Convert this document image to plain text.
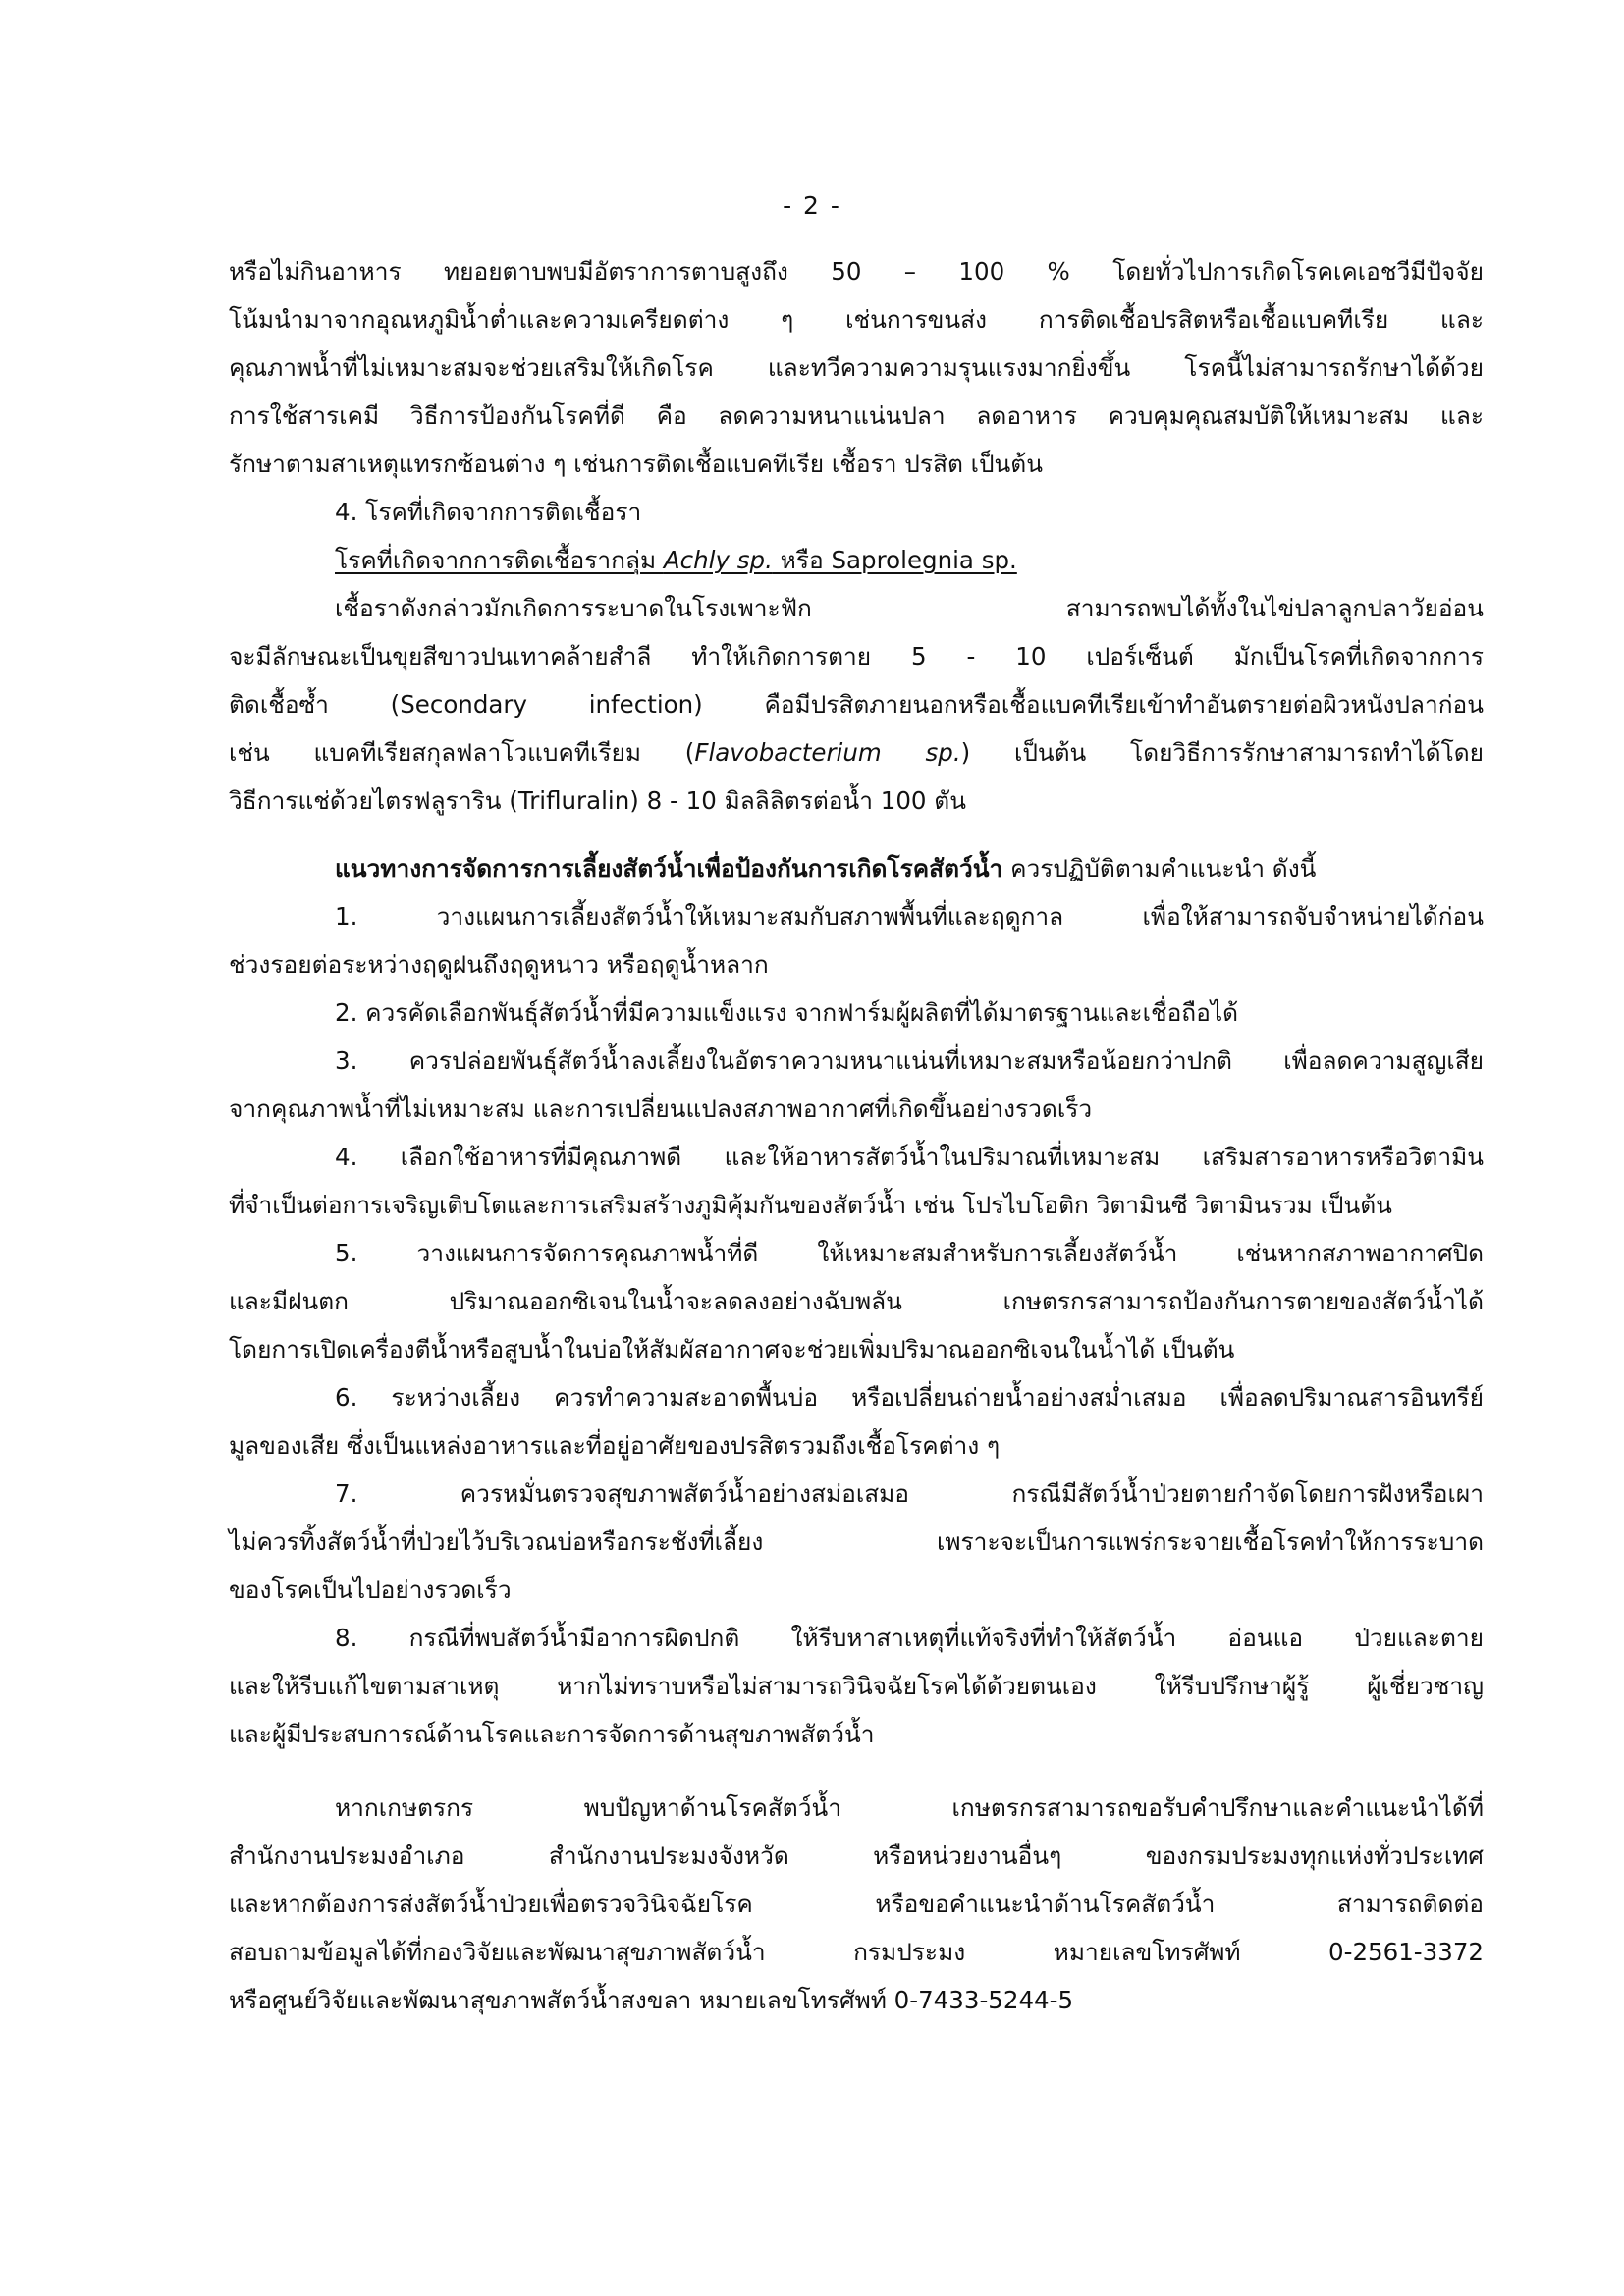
- 2 -
หรือไม่กินอาหาร ทยอยตาบพบมีอัตราการตาบสูงถึง 50 – 100 % โดยทั่วไปการเกิดโรคเคเอชวีมีปัจจัย
โน้มนำมาจากอุณหภูมิน้ำต่ำและความเครียดต่าง ๆ เช่นการขนส่ง การติดเชื้อปรสิตหรือเชื้อแบคทีเรีย และ
คุณภาพน้ำที่ไม่เหมาะสมจะช่วยเสริมให้เกิดโรค และทวีความความรุนแรงมากยิ่งขึ้น โรคนี้ไม่สามารถรักษาได้ด้วย
การใช้สารเคมี วิธีการป้องกันโรคที่ดี คือ ลดความหนาแน่นปลา ลดอาหาร ควบคุมคุณสมบัติให้เหมาะสม และ
รักษาตามสาเหตุแทรกซ้อนต่าง ๆ เช่นการติดเชื้อแบคทีเรีย เชื้อรา ปรสิต เป็นต้น
4. โรคที่เกิดจากการติดเชื้อรา
โรคที่เกิดจากการติดเชื้อรากลุ่ม Achly sp. หรือ Saprolegnia sp.
เชื้อราดังกล่าวมักเกิดการระบาดในโรงเพาะฟัก สามารถพบได้ทั้งในไข่ปลาลูกปลาวัยอ่อน
จะมีลักษณะเป็นขุยสีขาวปนเทาคล้ายสำลี ทำให้เกิดการตาย 5 - 10 เปอร์เซ็นต์ มักเป็นโรคที่เกิดจากการ
ติดเชื้อซ้ำ (Secondary infection) คือมีปรสิตภายนอกหรือเชื้อแบคทีเรียเข้าทำอันตรายต่อผิวหนังปลาก่อน
เช่น แบคทีเรียสกุลฟลาโวแบคทีเรียม (Flavobacterium sp.) เป็นต้น โดยวิธีการรักษาสามารถทำได้โดย
วิธีการแช่ด้วยไตรฟลูราริน (Trifluralin) 8 - 10 มิลลิลิตรต่อน้ำ 100 ตัน
แนวทางการจัดการการเลี้ยงสัตว์น้ำเพื่อป้องกันการเกิดโรคสัตว์น้ำ ควรปฏิบัติตามคำแนะนำ ดังนี้
1. วางแผนการเลี้ยงสัตว์น้ำให้เหมาะสมกับสภาพพื้นที่และฤดูกาล เพื่อให้สามารถจับจำหน่ายได้ก่อน
ช่วงรอยต่อระหว่างฤดูฝนถึงฤดูหนาว หรือฤดูน้ำหลาก
2. ควรคัดเลือกพันธุ์สัตว์น้ำที่มีความแข็งแรง จากฟาร์มผู้ผลิตที่ได้มาตรฐานและเชื่อถือได้
3. ควรปล่อยพันธุ์สัตว์น้ำลงเลี้ยงในอัตราความหนาแน่นที่เหมาะสมหรือน้อยกว่าปกติ เพื่อลดความสูญเสีย
จากคุณภาพน้ำที่ไม่เหมาะสม และการเปลี่ยนแปลงสภาพอากาศที่เกิดขึ้นอย่างรวดเร็ว
4. เลือกใช้อาหารที่มีคุณภาพดี และให้อาหารสัตว์น้ำในปริมาณที่เหมาะสม เสริมสารอาหารหรือวิตามิน
ที่จำเป็นต่อการเจริญเติบโตและการเสริมสร้างภูมิคุ้มกันของสัตว์น้ำ เช่น โปรไบโอติก วิตามินซี วิตามินรวม เป็นต้น
5. วางแผนการจัดการคุณภาพน้ำที่ดี ให้เหมาะสมสำหรับการเลี้ยงสัตว์น้ำ เช่นหากสภาพอากาศปิด
และมีฝนตก ปริมาณออกซิเจนในน้ำจะลดลงอย่างฉับพลัน เกษตรกรสามารถป้องกันการตายของสัตว์น้ำได้
โดยการเปิดเครื่องตีน้ำหรือสูบน้ำในบ่อให้สัมผัสอากาศจะช่วยเพิ่มปริมาณออกซิเจนในน้ำได้ เป็นต้น
6. ระหว่างเลี้ยง ควรทำความสะอาดพื้นบ่อ หรือเปลี่ยนถ่ายน้ำอย่างสม่ำเสมอ เพื่อลดปริมาณสารอินทรีย์
มูลของเสีย ซึ่งเป็นแหล่งอาหารและที่อยู่อาศัยของปรสิตรวมถึงเชื้อโรคต่าง ๆ
7. ควรหมั่นตรวจสุขภาพสัตว์น้ำอย่างสม่อเสมอ กรณีมีสัตว์น้ำป่วยตายกำจัดโดยการฝังหรือเผา
ไม่ควรทิ้งสัตว์น้ำที่ป่วยไว้บริเวณบ่อหรือกระชังที่เลี้ยง เพราะจะเป็นการแพร่กระจายเชื้อโรคทำให้การระบาด
ของโรคเป็นไปอย่างรวดเร็ว
8. กรณีที่พบสัตว์น้ำมีอาการผิดปกติ ให้รีบหาสาเหตุที่แท้จริงที่ทำให้สัตว์น้ำ อ่อนแอ ป่วยและตาย
และให้รีบแก้ไขตามสาเหตุ หากไม่ทราบหรือไม่สามารถวินิจฉัยโรคได้ด้วยตนเอง ให้รีบปรึกษาผู้รู้ ผู้เชี่ยวชาญ
และผู้มีประสบการณ์ด้านโรคและการจัดการด้านสุขภาพสัตว์น้ำ
หากเกษตรกร พบปัญหาด้านโรคสัตว์น้ำ เกษตรกรสามารถขอรับคำปรึกษาและคำแนะนำได้ที่
สำนักงานประมงอำเภอ สำนักงานประมงจังหวัด หรือหน่วยงานอื่นๆ ของกรมประมงทุกแห่งทั่วประเทศ
และหากต้องการส่งสัตว์น้ำป่วยเพื่อตรวจวินิจฉัยโรค หรือขอคำแนะนำด้านโรคสัตว์น้ำ สามารถติดต่อ
สอบถามข้อมูลได้ที่กองวิจัยและพัฒนาสุขภาพสัตว์น้ำ กรมประมง หมายเลขโทรศัพท์ 0-2561-3372
หรือศูนย์วิจัยและพัฒนาสุขภาพสัตว์น้ำสงขลา หมายเลขโทรศัพท์ 0-7433-5244-5
